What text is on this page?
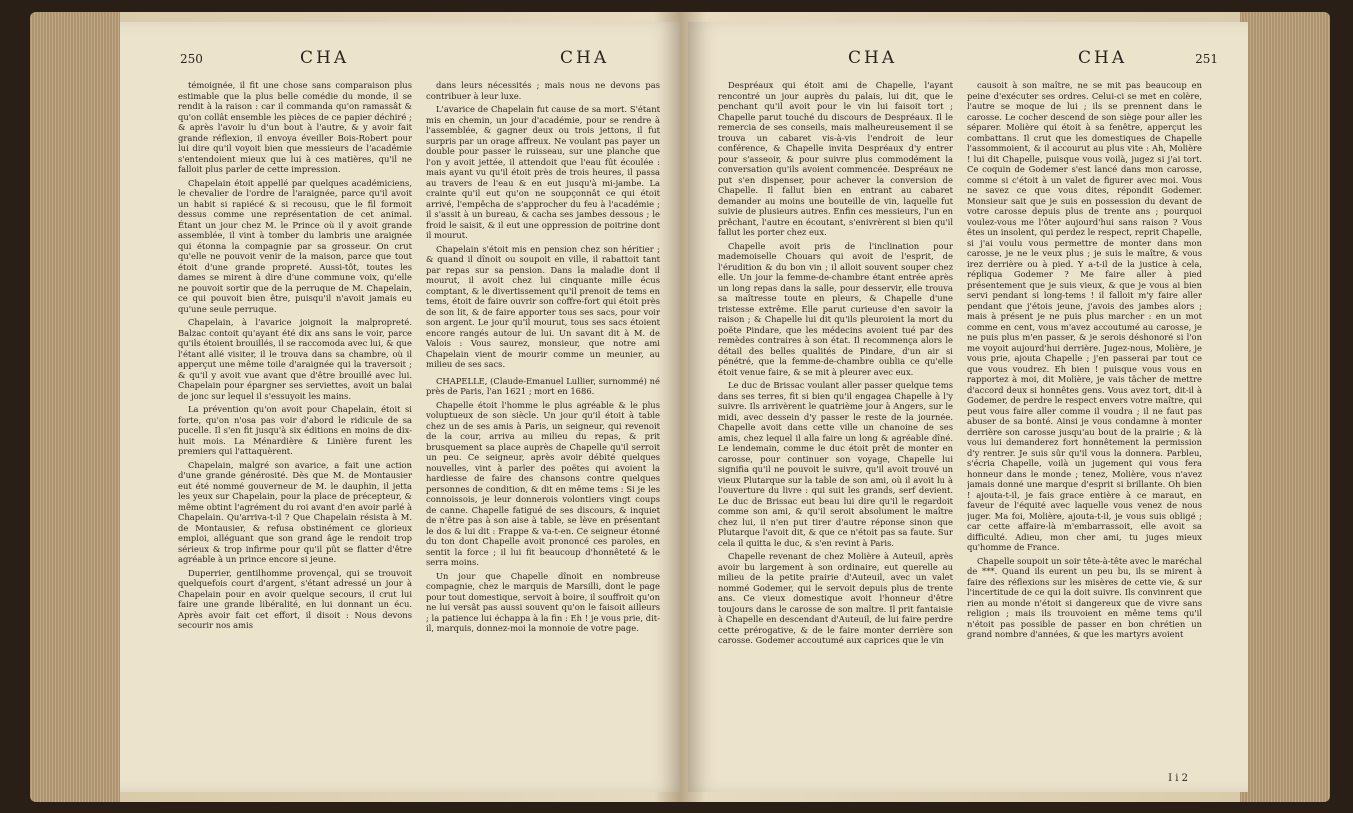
250	CHA	CHA

témoignée, il fit une chose sans comparaison plus estimable que la plus belle comédie du monde, il se rendit à la raison : car il commanda qu'on ramassât & qu'on collât ensemble les pièces de ce papier déchiré ; & après l'avoir lu d'un bout à l'autre, & y avoir fait grande réflexion, il envoya éveiller Bois-Robert pour lui dire qu'il voyoit bien que messieurs de l'académie s'entendoient mieux que lui à ces matières, qu'il ne falloit plus parler de cette impression.

Chapelain étoit appellé par quelques académiciens, le chevalier de l'ordre de l'araignée, parce qu'il avoit un habit si rapiécé & si recousu, que le fil formoit dessus comme une représentation de cet animal. Étant un jour chez M. le Prince où il y avoit grande assemblée, il vint à tomber du lambris une araignée qui étonna la compagnie par sa grosseur. On crut qu'elle ne pouvoit venir de la maison, parce que tout étoit d'une grande propreté. Aussi-tôt, toutes les dames se mirent à dire d'une commune voix, qu'elle ne pouvoit sortir que de la perruque de M. Chapelain, ce qui pouvoit bien être, puisqu'il n'avoit jamais eu qu'une seule perruque.

Chapelain, à l'avarice joignoit la malpropreté. Balzac contoit qu'ayant été dix ans sans le voir, parce qu'ils étoient brouillés, il se raccomoda avec lui, & que l'étant allé visiter, il le trouva dans sa chambre, où il apperçut une même toile d'araignée qui la traversoit ; & qu'il y avoit vue avant que d'être brouillé avec lui. Chapelain pour épargner ses serviettes, avoit un balai de jonc sur lequel il s'essuyoit les mains.

La prévention qu'on avoit pour Chapelain, étoit si forte, qu'on n'osa pas voir d'abord le ridicule de sa pucelle. Il s'en fit jusqu'à six éditions en moins de dix-huit mois. La Ménardière & Linière furent les premiers qui l'attaquèrent.

Chapelain, malgré son avarice, a fait une action d'une grande générosité. Dès que M. de Montausier eut été nommé gouverneur de M. le dauphin, il jetta les yeux sur Chapelain, pour la place de précepteur, & même obtint l'agrément du roi avant d'en avoir parlé à Chapelain. Qu'arriva-t-il ? Que Chapelain résista à M. de Montausier, & refusa obstinément ce glorieux emploi, alléguant que son grand âge le rendoit trop sérieux & trop infirme pour qu'il pût se flatter d'être agréable à un prince encore si jeune.

Duperrier, gentilhomme provençal, qui se trouvoit quelquefois court d'argent, s'étant adressé un jour à Chapelain pour en avoir quelque secours, il crut lui faire une grande libéralité, en lui donnant un écu. Après avoir fait cet effort, il disoit : Nous devons secourir nos amis

dans leurs nécessités ; mais nous ne devons pas contribuer à leur luxe.

L'avarice de Chapelain fut cause de sa mort. S'étant mis en chemin, un jour d'académie, pour se rendre à l'assemblée, & gagner deux ou trois jettons, il fut surpris par un orage affreux. Ne voulant pas payer un double pour passer le ruisseau, sur une planche que l'on y avoit jettée, il attendoit que l'eau fût écoulée : mais ayant vu qu'il étoit près de trois heures, il passa au travers de l'eau & en eut jusqu'à mi-jambe. La crainte qu'il eut qu'on ne soupçonnât ce qui étoit arrivé, l'empêcha de s'approcher du feu à l'académie ; il s'assit à un bureau, & cacha ses jambes dessous ; le froid le saisit, & il eut une oppression de poitrine dont il mourut.

Chapelain s'étoit mis en pension chez son héritier ; & quand il dînoit ou soupoit en ville, il rabattoit tant par repas sur sa pension. Dans la maladie dont il mourut, il avoit chez lui cinquante mille écus comptant, & le divertissement qu'il prenoit de tems en tems, étoit de faire ouvrir son coffre-fort qui étoit près de son lit, & de faire apporter tous ses sacs, pour voir son argent. Le jour qu'il mourut, tous ses sacs étoient encore rangés autour de lui. Un savant dit à M. de Valois : Vous saurez, monsieur, que notre ami Chapelain vient de mourir comme un meunier, au milieu de ses sacs.

CHAPELLE, (Claude-Emanuel Lullier, surnommé) né près de Paris, l'an 1621 ; mort en 1686.

Chapelle étoit l'homme le plus agréable & le plus voluptueux de son siècle. Un jour qu'il étoit à table chez un de ses amis à Paris, un seigneur, qui revenoit de la cour, arriva au milieu du repas, & prit brusquement sa place auprès de Chapelle qu'il serroit un peu. Ce seigneur, après avoir débité quelques nouvelles, vint à parler des poëtes qui avoient la hardiesse de faire des chansons contre quelques personnes de condition, & dit en même tems : Si je les connoissois, je leur donnerois volontiers vingt coups de canne. Chapelle fatigué de ses discours, & inquiet de n'être pas à son aise à table, se lève en présentant le dos & lui dit : Frappe & va-t-en. Ce seigneur étonné du ton dont Chapelle avoit prononcé ces paroles, en sentit la force ; il lui fit beaucoup d'honnêteté & le serra moins.

Un jour que Chapelle dînoit en nombreuse compagnie, chez le marquis de Marsilli, dont le page pour tout domestique, servoit à boire, il souffroit qu'on ne lui versât pas aussi souvent qu'on le faisoit ailleurs ; la patience lui échappa à la fin : Eh ! je vous prie, dit-il, marquis, donnez-moi la monnoie de votre page.

CHA	CHA	251

Despréaux qui étoit ami de Chapelle, l'ayant rencontré un jour auprès du palais, lui dit, que le penchant qu'il avoit pour le vin lui faisoit tort ; Chapelle parut touché du discours de Despréaux. Il le remercia de ses conseils, mais malheureusement il se trouva un cabaret vis-à-vis l'endroit de leur conférence, & Chapelle invita Despréaux d'y entrer pour s'asseoir, & pour suivre plus commodément la conversation qu'ils avoient commencée. Despréaux ne put s'en dispenser, pour achever la conversion de Chapelle. Il fallut bien en entrant au cabaret demander au moins une bouteille de vin, laquelle fut suivie de plusieurs autres. Enfin ces messieurs, l'un en prêchant, l'autre en écoutant, s'enivrèrent si bien qu'il fallut les porter chez eux.

Chapelle avoit pris de l'inclination pour mademoiselle Chouars qui avoit de l'esprit, de l'érudition & du bon vin ; il alloit souvent souper chez elle. Un jour la femme-de-chambre étant entrée après un long repas dans la salle, pour desservir, elle trouva sa maîtresse toute en pleurs, & Chapelle d'une tristesse extrême. Elle parut curieuse d'en savoir la raison ; & Chapelle lui dit qu'ils pleuroient la mort du poëte Pindare, que les médecins avoient tué par des remèdes contraires à son état. Il recommença alors le détail des belles qualités de Pindare, d'un air si pénétré, que la femme-de-chambre oublia ce qu'elle étoit venue faire, & se mit à pleurer avec eux.

Le duc de Brissac voulant aller passer quelque tems dans ses terres, fit si bien qu'il engagea Chapelle à l'y suivre. Ils arrivèrent le quatrième jour à Angers, sur le midi, avec dessein d'y passer le reste de la journée. Chapelle avoit dans cette ville un chanoine de ses amis, chez lequel il alla faire un long & agréable dîné. Le lendemain, comme le duc étoit prêt de monter en carosse, pour continuer son voyage, Chapelle lui signifia qu'il ne pouvoit le suivre, qu'il avoit trouvé un vieux Plutarque sur la table de son ami, où il avoit lu à l'ouverture du livre : qui suit les grands, serf devient. Le duc de Brissac eut beau lui dire qu'il le regardoit comme son ami, & qu'il seroit absolument le maître chez lui, il n'en put tirer d'autre réponse sinon que Plutarque l'avoit dit, & que ce n'étoit pas sa faute. Sur cela il quitta le duc, & s'en revint à Paris.

Chapelle revenant de chez Molière à Auteuil, après avoir bu largement à son ordinaire, eut querelle au milieu de la petite prairie d'Auteuil, avec un valet nommé Godemer, qui le servoit depuis plus de trente ans. Ce vieux domestique avoit l'honneur d'être toujours dans le carosse de son maître. Il prit fantaisie à Chapelle en descendant d'Auteuil, de lui faire perdre cette prérogative, & de le faire monter derrière son carosse. Godemer accoutumé aux caprices que le vin

causoit à son maître, ne se mit pas beaucoup en peine d'exécuter ses ordres. Celui-ci se met en colère, l'autre se moque de lui ; ils se prennent dans le carosse. Le cocher descend de son siège pour aller les séparer. Molière qui étoit à sa fenêtre, apperçut les combattans. Il crut que les domestiques de Chapelle l'assommoient, & il accourut au plus vite : Ah, Molière ! lui dit Chapelle, puisque vous voilà, jugez si j'ai tort. Ce coquin de Godemer s'est lancé dans mon carosse, comme si c'étoit à un valet de figurer avec moi. Vous ne savez ce que vous dites, répondit Godemer. Monsieur sait que je suis en possession du devant de votre carosse depuis plus de trente ans ; pourquoi voulez-vous me l'ôter aujourd'hui sans raison ? Vous êtes un insolent, qui perdez le respect, reprit Chapelle, si j'ai voulu vous permettre de monter dans mon carosse, je ne le veux plus ; je suis le maître, & vous irez derrière ou à pied. Y a-t-il de la justice à cela, répliqua Godemer ? Me faire aller à pied présentement que je suis vieux, & que je vous ai bien servi pendant si long-tems ! il falloit m'y faire aller pendant que j'étois jeune, j'avois des jambes alors ; mais à présent je ne puis plus marcher : en un mot comme en cent, vous m'avez accoutumé au carosse, je ne puis plus m'en passer, & je serois déshonoré si l'on me voyoit aujourd'hui derrière. Jugez-nous, Molière, je vous prie, ajouta Chapelle ; j'en passerai par tout ce que vous voudrez. Eh bien ! puisque vous vous en rapportez à moi, dit Molière, je vais tâcher de mettre d'accord deux si honnêtes gens. Vous avez tort, dit-il à Godemer, de perdre le respect envers votre maître, qui peut vous faire aller comme il voudra ; il ne faut pas abuser de sa bonté. Ainsi je vous condamne à monter derrière son carosse jusqu'au bout de la prairie ; & là vous lui demanderez fort honnêtement la permission d'y rentrer. Je suis sûr qu'il vous la donnera. Parbleu, s'écria Chapelle, voilà un jugement qui vous fera honneur dans le monde ; tenez, Molière, vous n'avez jamais donné une marque d'esprit si brillante. Oh bien ! ajouta-t-il, je fais grace entière à ce maraut, en faveur de l'équité avec laquelle vous venez de nous juger. Ma foi, Molière, ajouta-t-il, je vous suis obligé ; car cette affaire-là m'embarrassoit, elle avoit sa difficulté. Adieu, mon cher ami, tu juges mieux qu'homme de France.

Chapelle soupoit un soir tête-à-tête avec le maréchal de ***. Quand ils eurent un peu bu, ils se mirent à faire des réflexions sur les misères de cette vie, & sur l'incertitude de ce qui la doit suivre. Ils convinrent que rien au monde n'étoit si dangereux que de vivre sans religion ; mais ils trouvoient en même tems qu'il n'étoit pas possible de passer en bon chrétien un grand nombre d'années, & que les martyrs avoient

I i 2
